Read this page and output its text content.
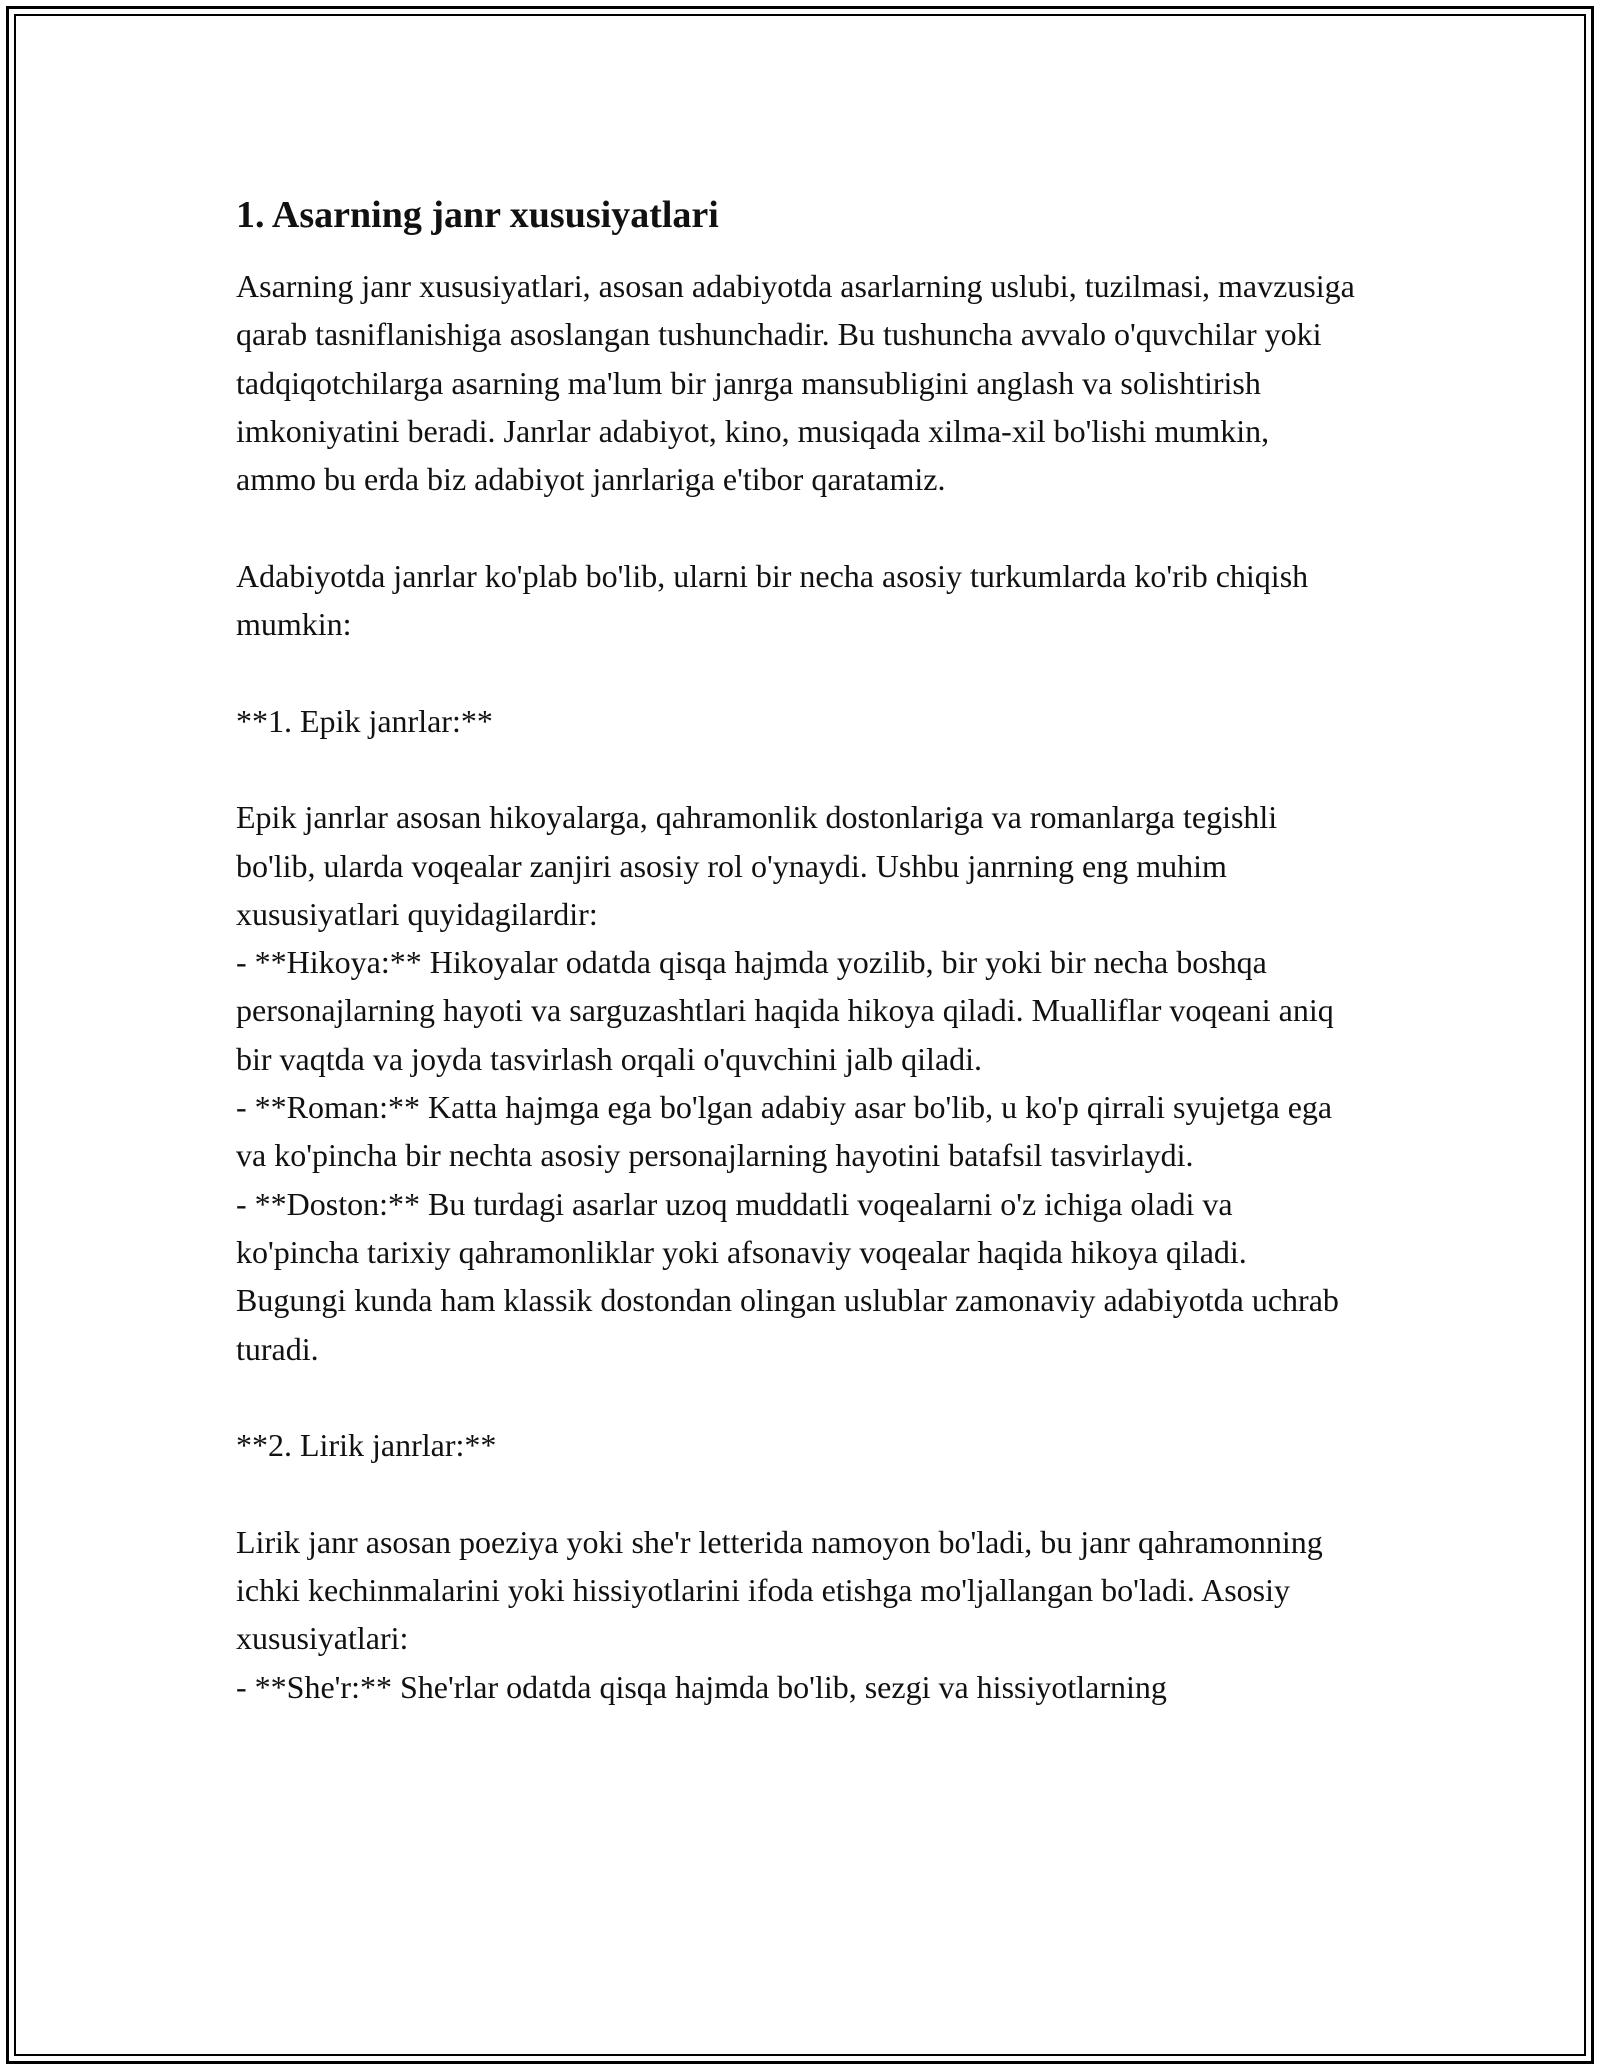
1. Asarning janr xususiyatlari

Asarning janr xususiyatlari, asosan adabiyotda asarlarning uslubi, tuzilmasi, mavzusiga qarab tasniflanishiga asoslangan tushunchadir. Bu tushuncha avvalo o'quvchilar yoki tadqiqotchilarga asarning ma'lum bir janrga mansubligini anglash va solishtirish imkoniyatini beradi. Janrlar adabiyot, kino, musiqada xilma-xil bo'lishi mumkin, ammo bu erda biz adabiyot janrlariga e'tibor qaratamiz.

Adabiyotda janrlar ko'plab bo'lib, ularni bir necha asosiy turkumlarda ko'rib chiqish mumkin:

**1. Epik janrlar:**

Epik janrlar asosan hikoyalarga, qahramonlik dostonlariga va romanlarga tegishli bo'lib, ularda voqealar zanjiri asosiy rol o'ynaydi. Ushbu janrning eng muhim xususiyatlari quyidagilardir:
- **Hikoya:** Hikoyalar odatda qisqa hajmda yozilib, bir yoki bir necha boshqa personajlarning hayoti va sarguzashtlari haqida hikoya qiladi. Mualliflar voqeani aniq bir vaqtda va joyda tasvirlash orqali o'quvchini jalb qiladi.
- **Roman:** Katta hajmga ega bo'lgan adabiy asar bo'lib, u ko'p qirrali syujetga ega va ko'pincha bir nechta asosiy personajlarning hayotini batafsil tasvirlaydi.
- **Doston:** Bu turdagi asarlar uzoq muddatli voqealarni o'z ichiga oladi va ko'pincha tarixiy qahramonliklar yoki afsonaviy voqealar haqida hikoya qiladi. Bugungi kunda ham klassik dostondan olingan uslublar zamonaviy adabiyotda uchrab turadi.

**2. Lirik janrlar:**

Lirik janr asosan poeziya yoki she'r letterida namoyon bo'ladi, bu janr qahramonning ichki kechinmalarini yoki hissiyotlarini ifoda etishga mo'ljallangan bo'ladi. Asosiy xususiyatlari:
- **She'r:** She'rlar odatda qisqa hajmda bo'lib, sezgi va hissiyotlarning
